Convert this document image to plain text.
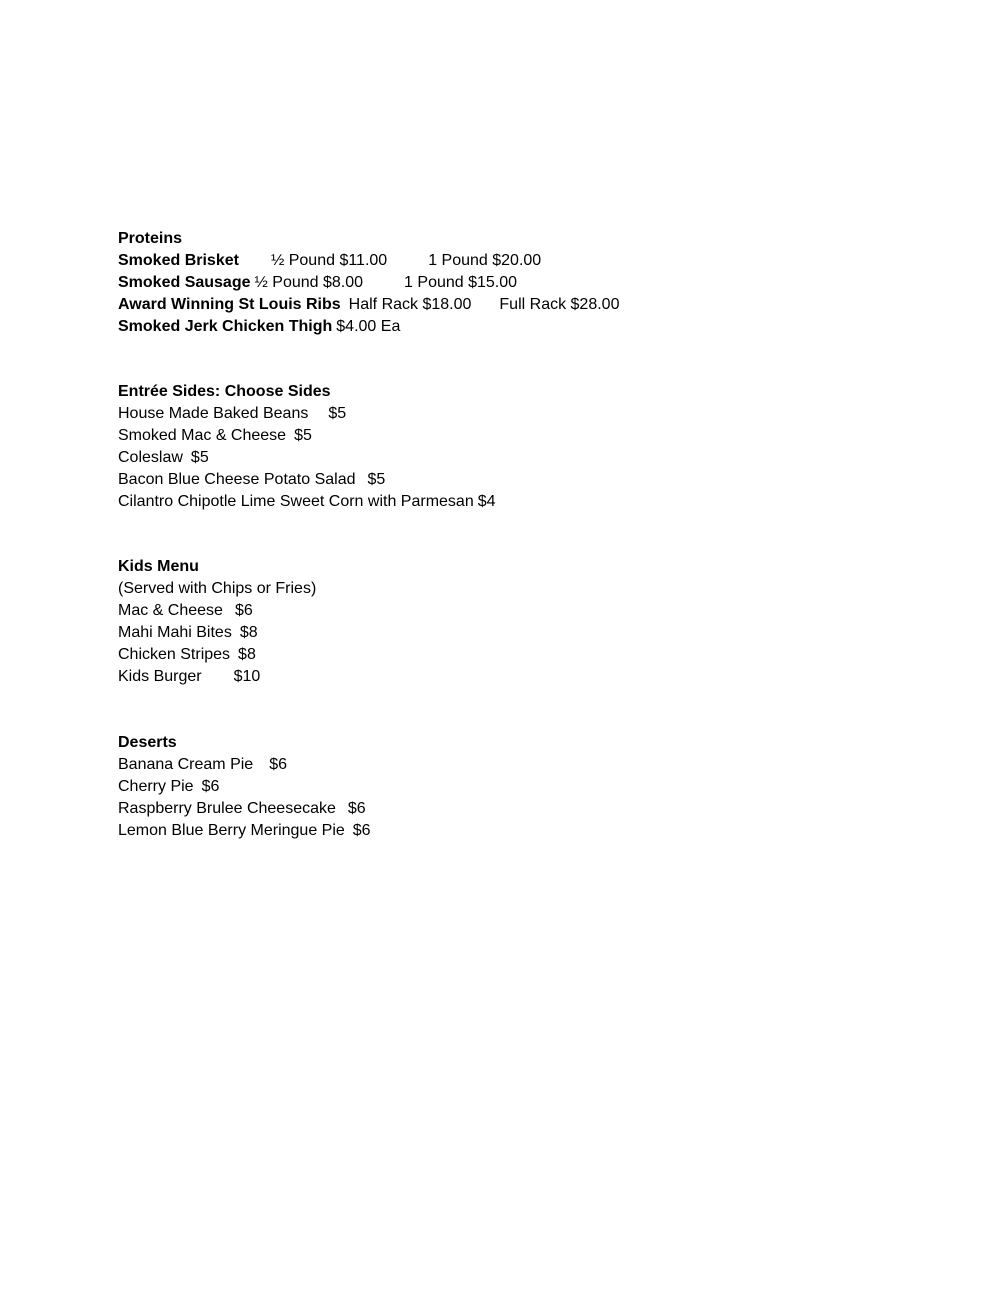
Proteins
Smoked Brisket ½ Pound $11.00	1 Pound $20.00
Smoked Sausage ½ Pound $8.00	1 Pound $15.00
Award Winning St Louis Ribs Half Rack $18.00 Full Rack $28.00
Smoked Jerk Chicken Thigh $4.00 Ea
Entrée Sides: Choose Sides
House Made Baked Beans $5
Smoked Mac & Cheese $5
Coleslaw $5
Bacon Blue Cheese Potato Salad $5
Cilantro Chipotle Lime Sweet Corn with Parmesan $4
Kids Menu
(Served with Chips or Fries)
Mac & Cheese $6
Mahi Mahi Bites $8
Chicken Stripes $8
Kids Burger $10
Deserts
Banana Cream Pie $6
Cherry Pie $6
Raspberry Brulee Cheesecake $6
Lemon Blue Berry Meringue Pie $6
